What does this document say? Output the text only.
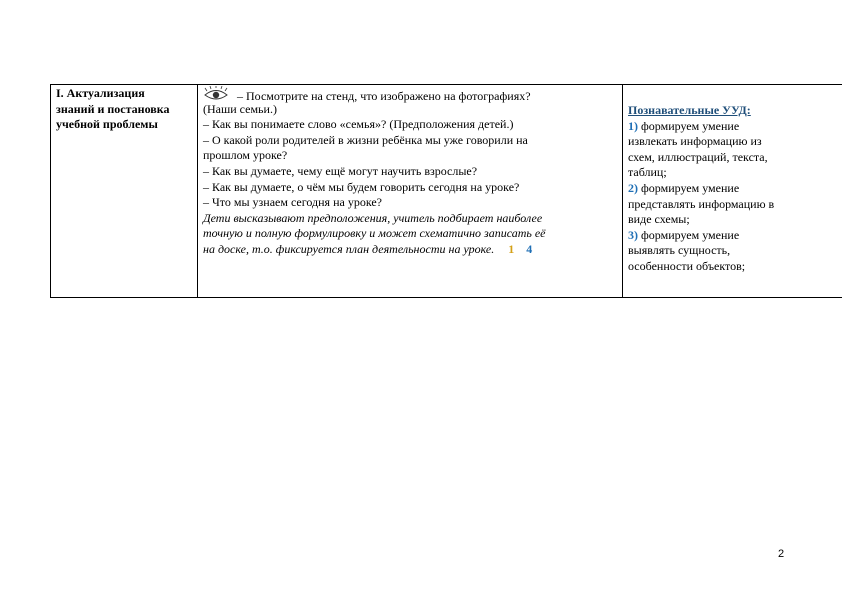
І. Актуализация
знаний и постановка
учебной проблемы
– Посмотрите на стенд, что изображено на фотографиях?
(Наши семьи.)
– Как вы понимаете слово «семья»? (Предположения детей.)
– О какой роли родителей в жизни ребёнка мы уже говорили на
прошлом уроке?
– Как вы думаете, чему ещё могут научить взрослые?
– Как вы думаете, о чём мы будем говорить сегодня на уроке?
– Что мы узнаем сегодня на уроке?
Дети высказывают предположения, учитель подбирает наиболее
точную и полную формулировку и может схематично записать её
на доске, т.о. фиксируется план деятельности на уроке. 1 4
Познавательные УУД:
1) формируем умение
извлекать информацию из
схем, иллюстраций, текста,
таблиц;
2) формируем умение
представлять информацию в
виде схемы;
3) формируем умение
выявлять сущность,
особенности объектов;
2
